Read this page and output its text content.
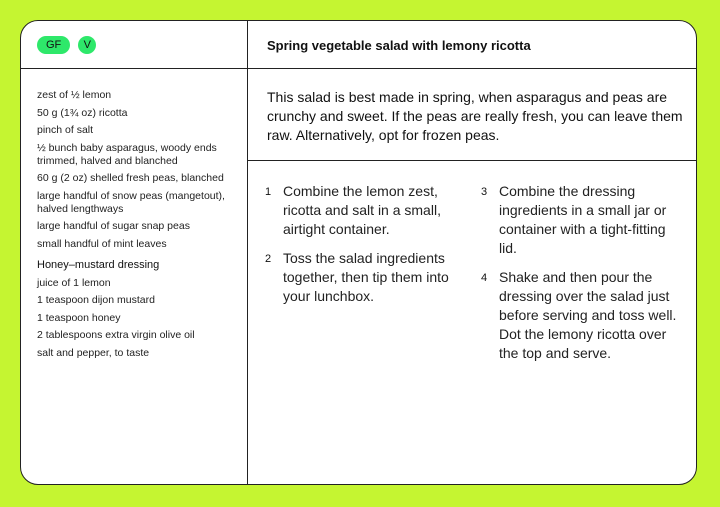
GF	V	Spring vegetable salad with lemony ricotta
zest of ½ lemon
50 g (1¾ oz) ricotta
pinch of salt
½ bunch baby asparagus, woody ends trimmed, halved and blanched
60 g (2 oz) shelled fresh peas, blanched
large handful of snow peas (mangetout), halved lengthways
large handful of sugar snap peas
small handful of mint leaves
Honey–mustard dressing
juice of 1 lemon
1 teaspoon dijon mustard
1 teaspoon honey
2 tablespoons extra virgin olive oil
salt and pepper, to taste
This salad is best made in spring, when asparagus and peas are crunchy and sweet. If the peas are really fresh, you can leave them raw. Alternatively, opt for frozen peas.
1 Combine the lemon zest, ricotta and salt in a small, airtight container.
2 Toss the salad ingredients together, then tip them into your lunchbox.
3 Combine the dressing ingredients in a small jar or container with a tight-fitting lid.
4 Shake and then pour the dressing over the salad just before serving and toss well. Dot the lemony ricotta over the top and serve.
